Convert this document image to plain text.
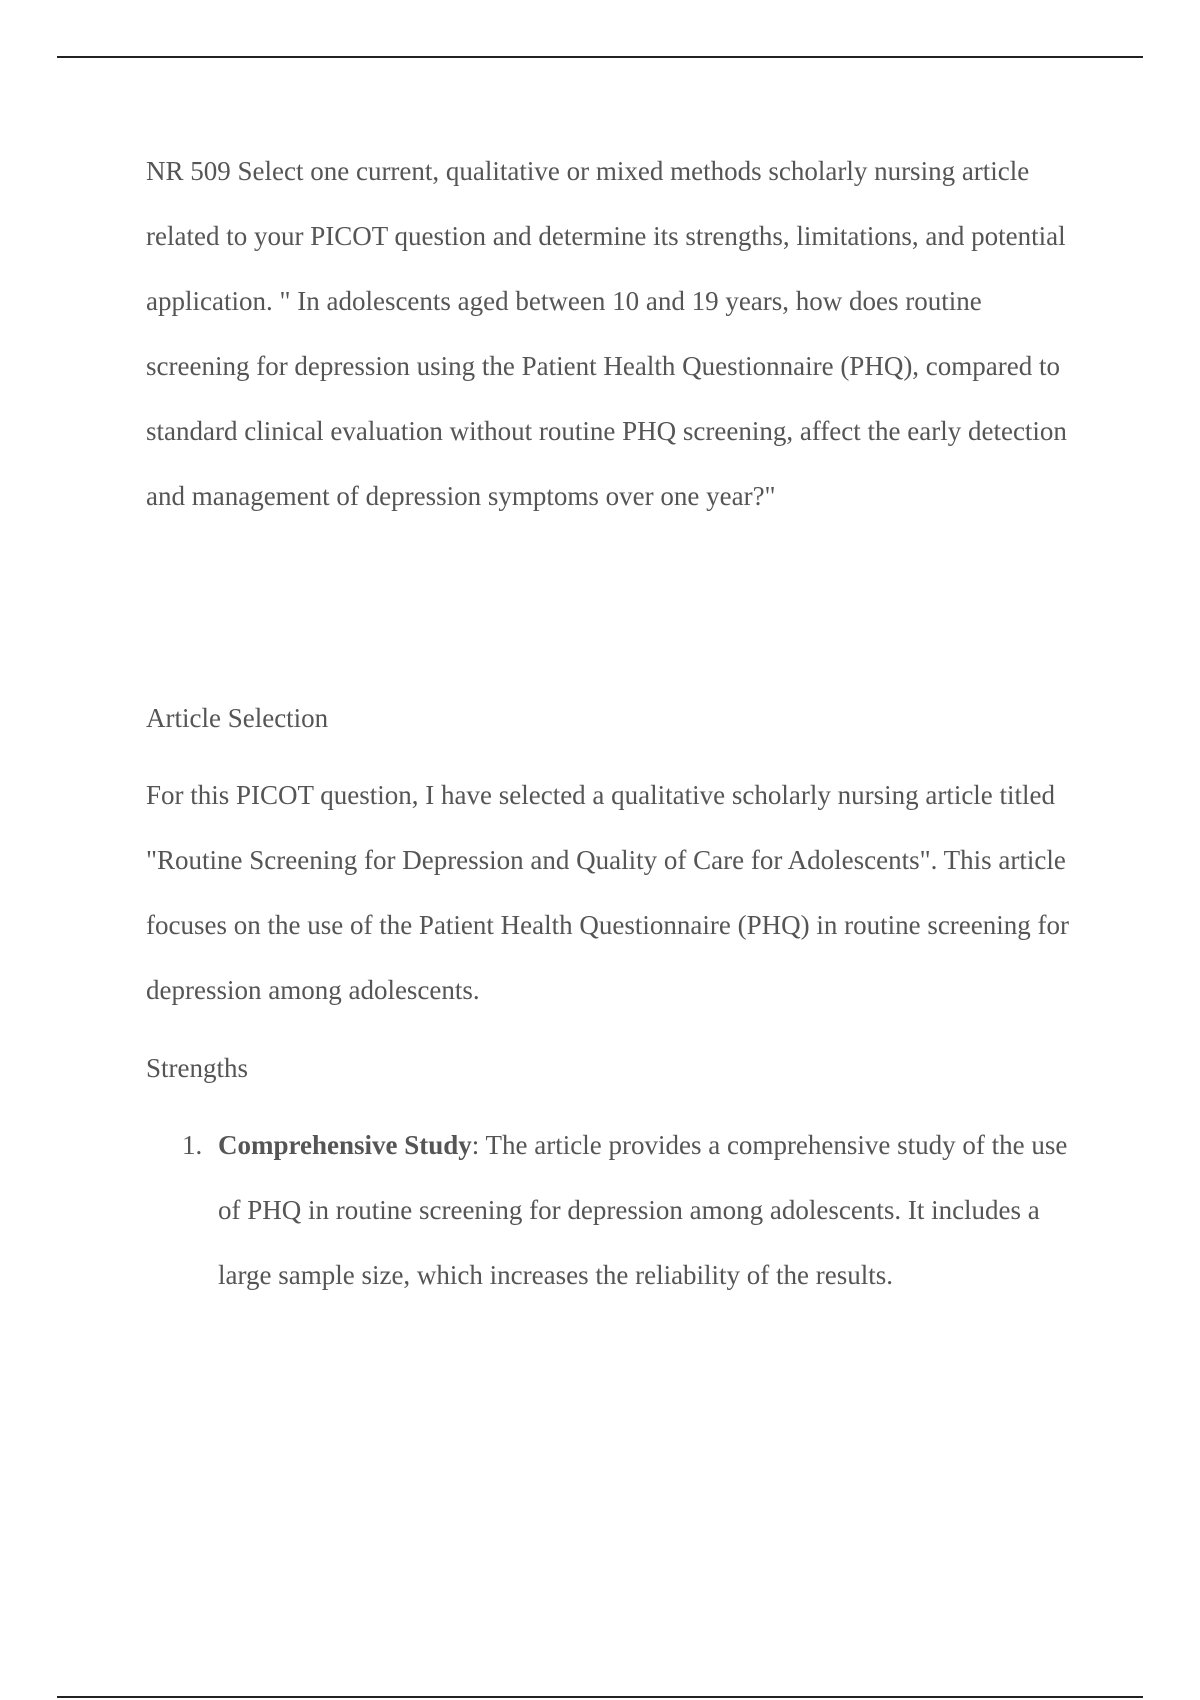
NR 509 Select one current, qualitative or mixed methods scholarly nursing article related to your PICOT question and determine its strengths, limitations, and potential application. " In adolescents aged between 10 and 19 years, how does routine screening for depression using the Patient Health Questionnaire (PHQ), compared to standard clinical evaluation without routine PHQ screening, affect the early detection and management of depression symptoms over one year?"

Article Selection

For this PICOT question, I have selected a qualitative scholarly nursing article titled "Routine Screening for Depression and Quality of Care for Adolescents". This article focuses on the use of the Patient Health Questionnaire (PHQ) in routine screening for depression among adolescents.

Strengths

1. Comprehensive Study: The article provides a comprehensive study of the use of PHQ in routine screening for depression among adolescents. It includes a large sample size, which increases the reliability of the results.
